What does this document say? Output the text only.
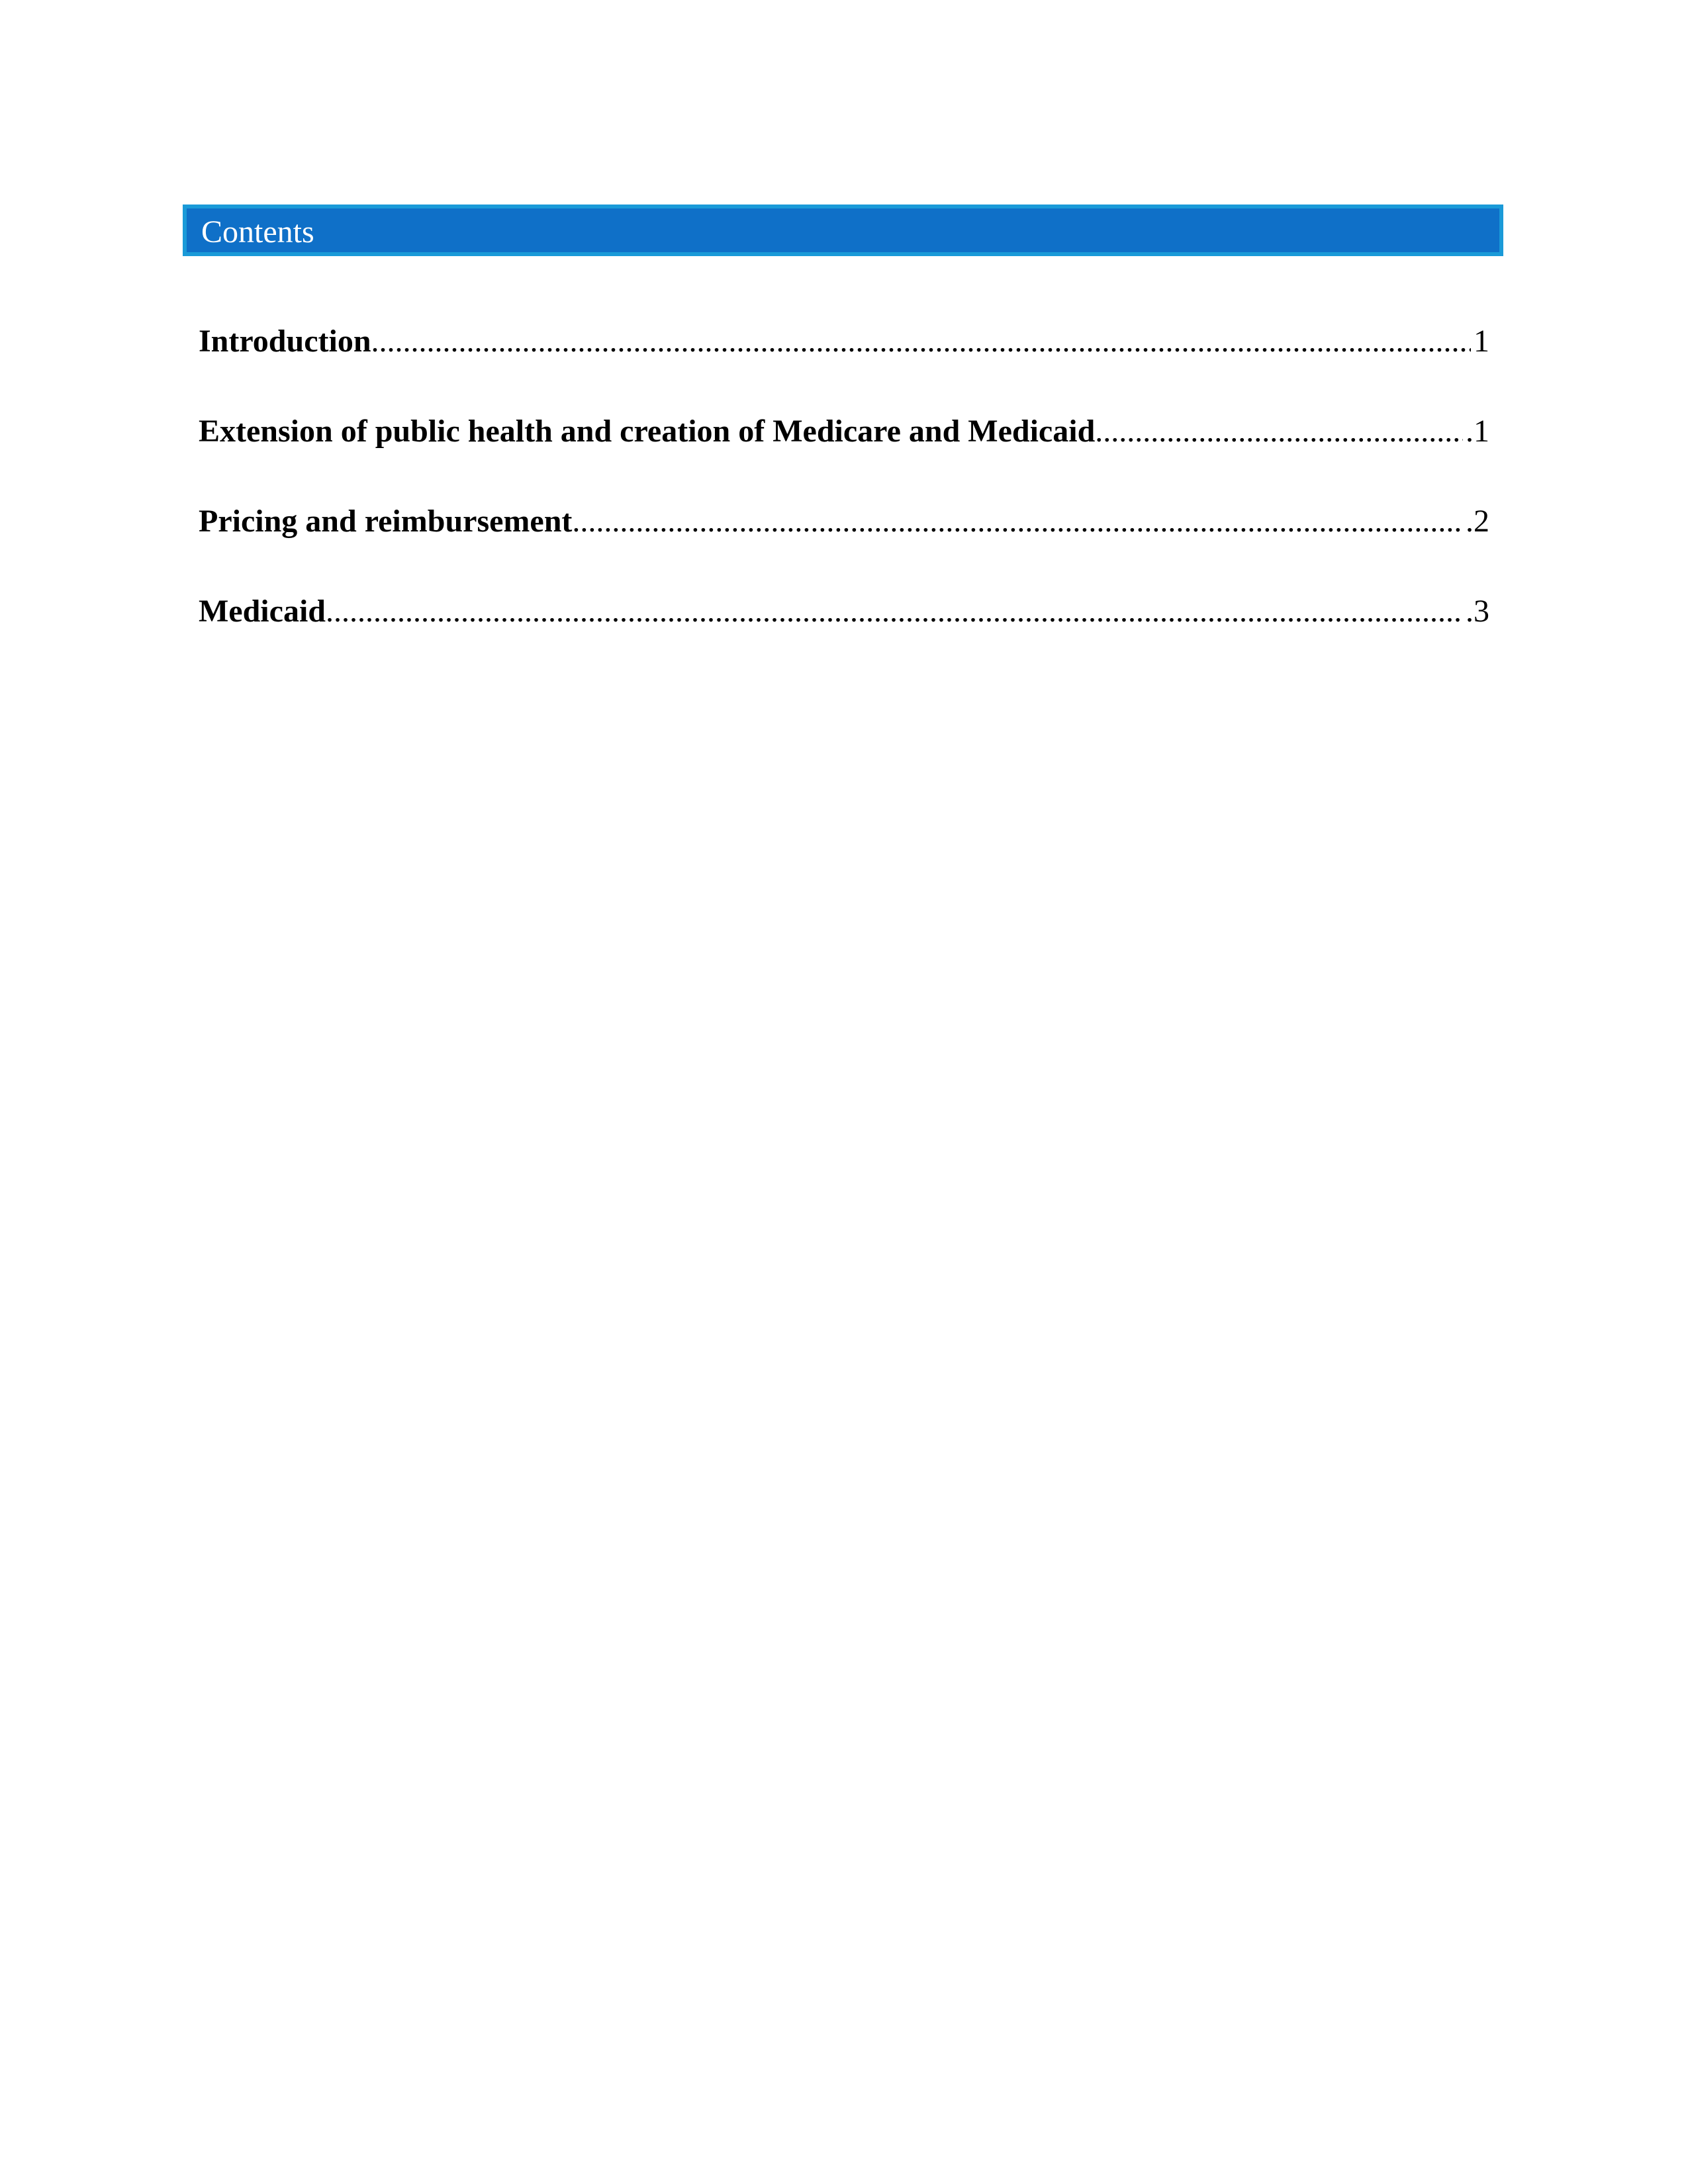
Contents
Introduction .....	1
Extension of public health and creation of Medicare and Medicaid .....	.1
Pricing and reimbursement .....	.2
Medicaid .....	.3
